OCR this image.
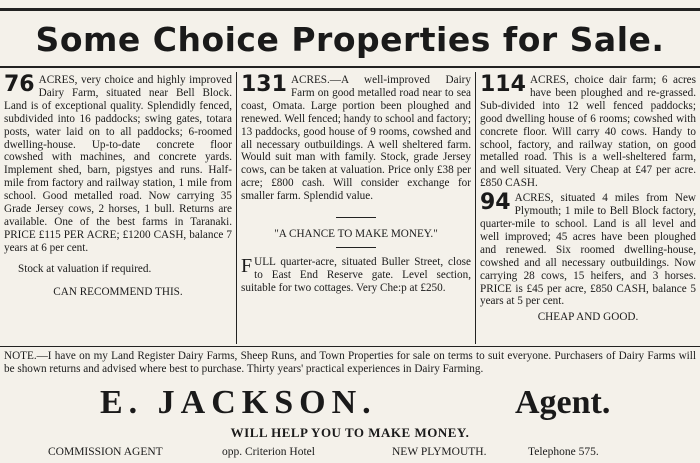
Some Choice Properties for Sale.
76 ACRES, very choice and highly improved Dairy Farm, situated near Bell Block. Land is of exceptional quality. Splendidly fenced, subdivided into 16 paddocks; swing gates, totara posts, water laid on to all paddocks; 6-roomed dwelling-house. Up-to-date concrete floor cowshed with machines, and concrete yards. Implement shed, barn, pigstyes and runs. Half-mile from factory and railway station, 1 mile from school. Good metalled road. Now carrying 35 Grade Jersey cows, 2 horses, 1 bull. Returns are available. One of the best farms in Taranaki. PRICE £115 PER ACRE; £1200 CASH, balance 7 years at 6 per cent.
Stock at valuation if required.
CAN RECOMMEND THIS.
131 ACRES.—A well-improved Dairy Farm on good metalled road near to sea coast, Omata. Large portion been ploughed and renewed. Well fenced; handy to school and factory; 13 paddocks, good house of 9 rooms, cowshed and all necessary outbuildings. A well sheltered farm. Would suit man with family. Stock, grade Jersey cows, can be taken at valuation. Price only £38 per acre; £800 cash. Will consider exchange for smaller farm. Splendid value.
"A CHANCE TO MAKE MONEY."
F ULL quarter-acre, situated Buller Street, close to East End Reserve gate. Level section, suitable for two cottages. Very Che:p at £250.
114 ACRES, choice dair farm; 6 acres have been ploughed and re-grassed. Sub-divided into 12 well fenced paddocks; good dwelling house of 6 rooms; cowshed with concrete floor. Will carry 40 cows. Handy to school, factory, and railway station, on good metalled road. This is a well-sheltered farm, and well situated. Very Cheap at £47 per acre. £850 CASH.
94 ACRES, situated 4 miles from New Plymouth; 1 mile to Bell Block factory, quarter-mile to school. Land is all level and well improved; 45 acres have been ploughed and renewed. Six roomed dwelling-house, cowshed and all necessary outbuildings. Now carrying 28 cows, 15 heifers, and 3 horses. PRICE is £45 per acre, £850 CASH, balance 5 years at 5 per cent.
CHEAP AND GOOD.
NOTE.—I have on my Land Register Dairy Farms, Sheep Runs, and Town Properties for sale on terms to suit everyone. Purchasers of Dairy Farms will be shown returns and advised where best to purchase. Thirty years' practical experiences in Dairy Farming.
E. JACKSON.	Agent.
WILL HELP YOU TO MAKE MONEY.
COMMISSION AGENT	opp. Criterion Hotel	NEW PLYMOUTH.	Telephone 575.
